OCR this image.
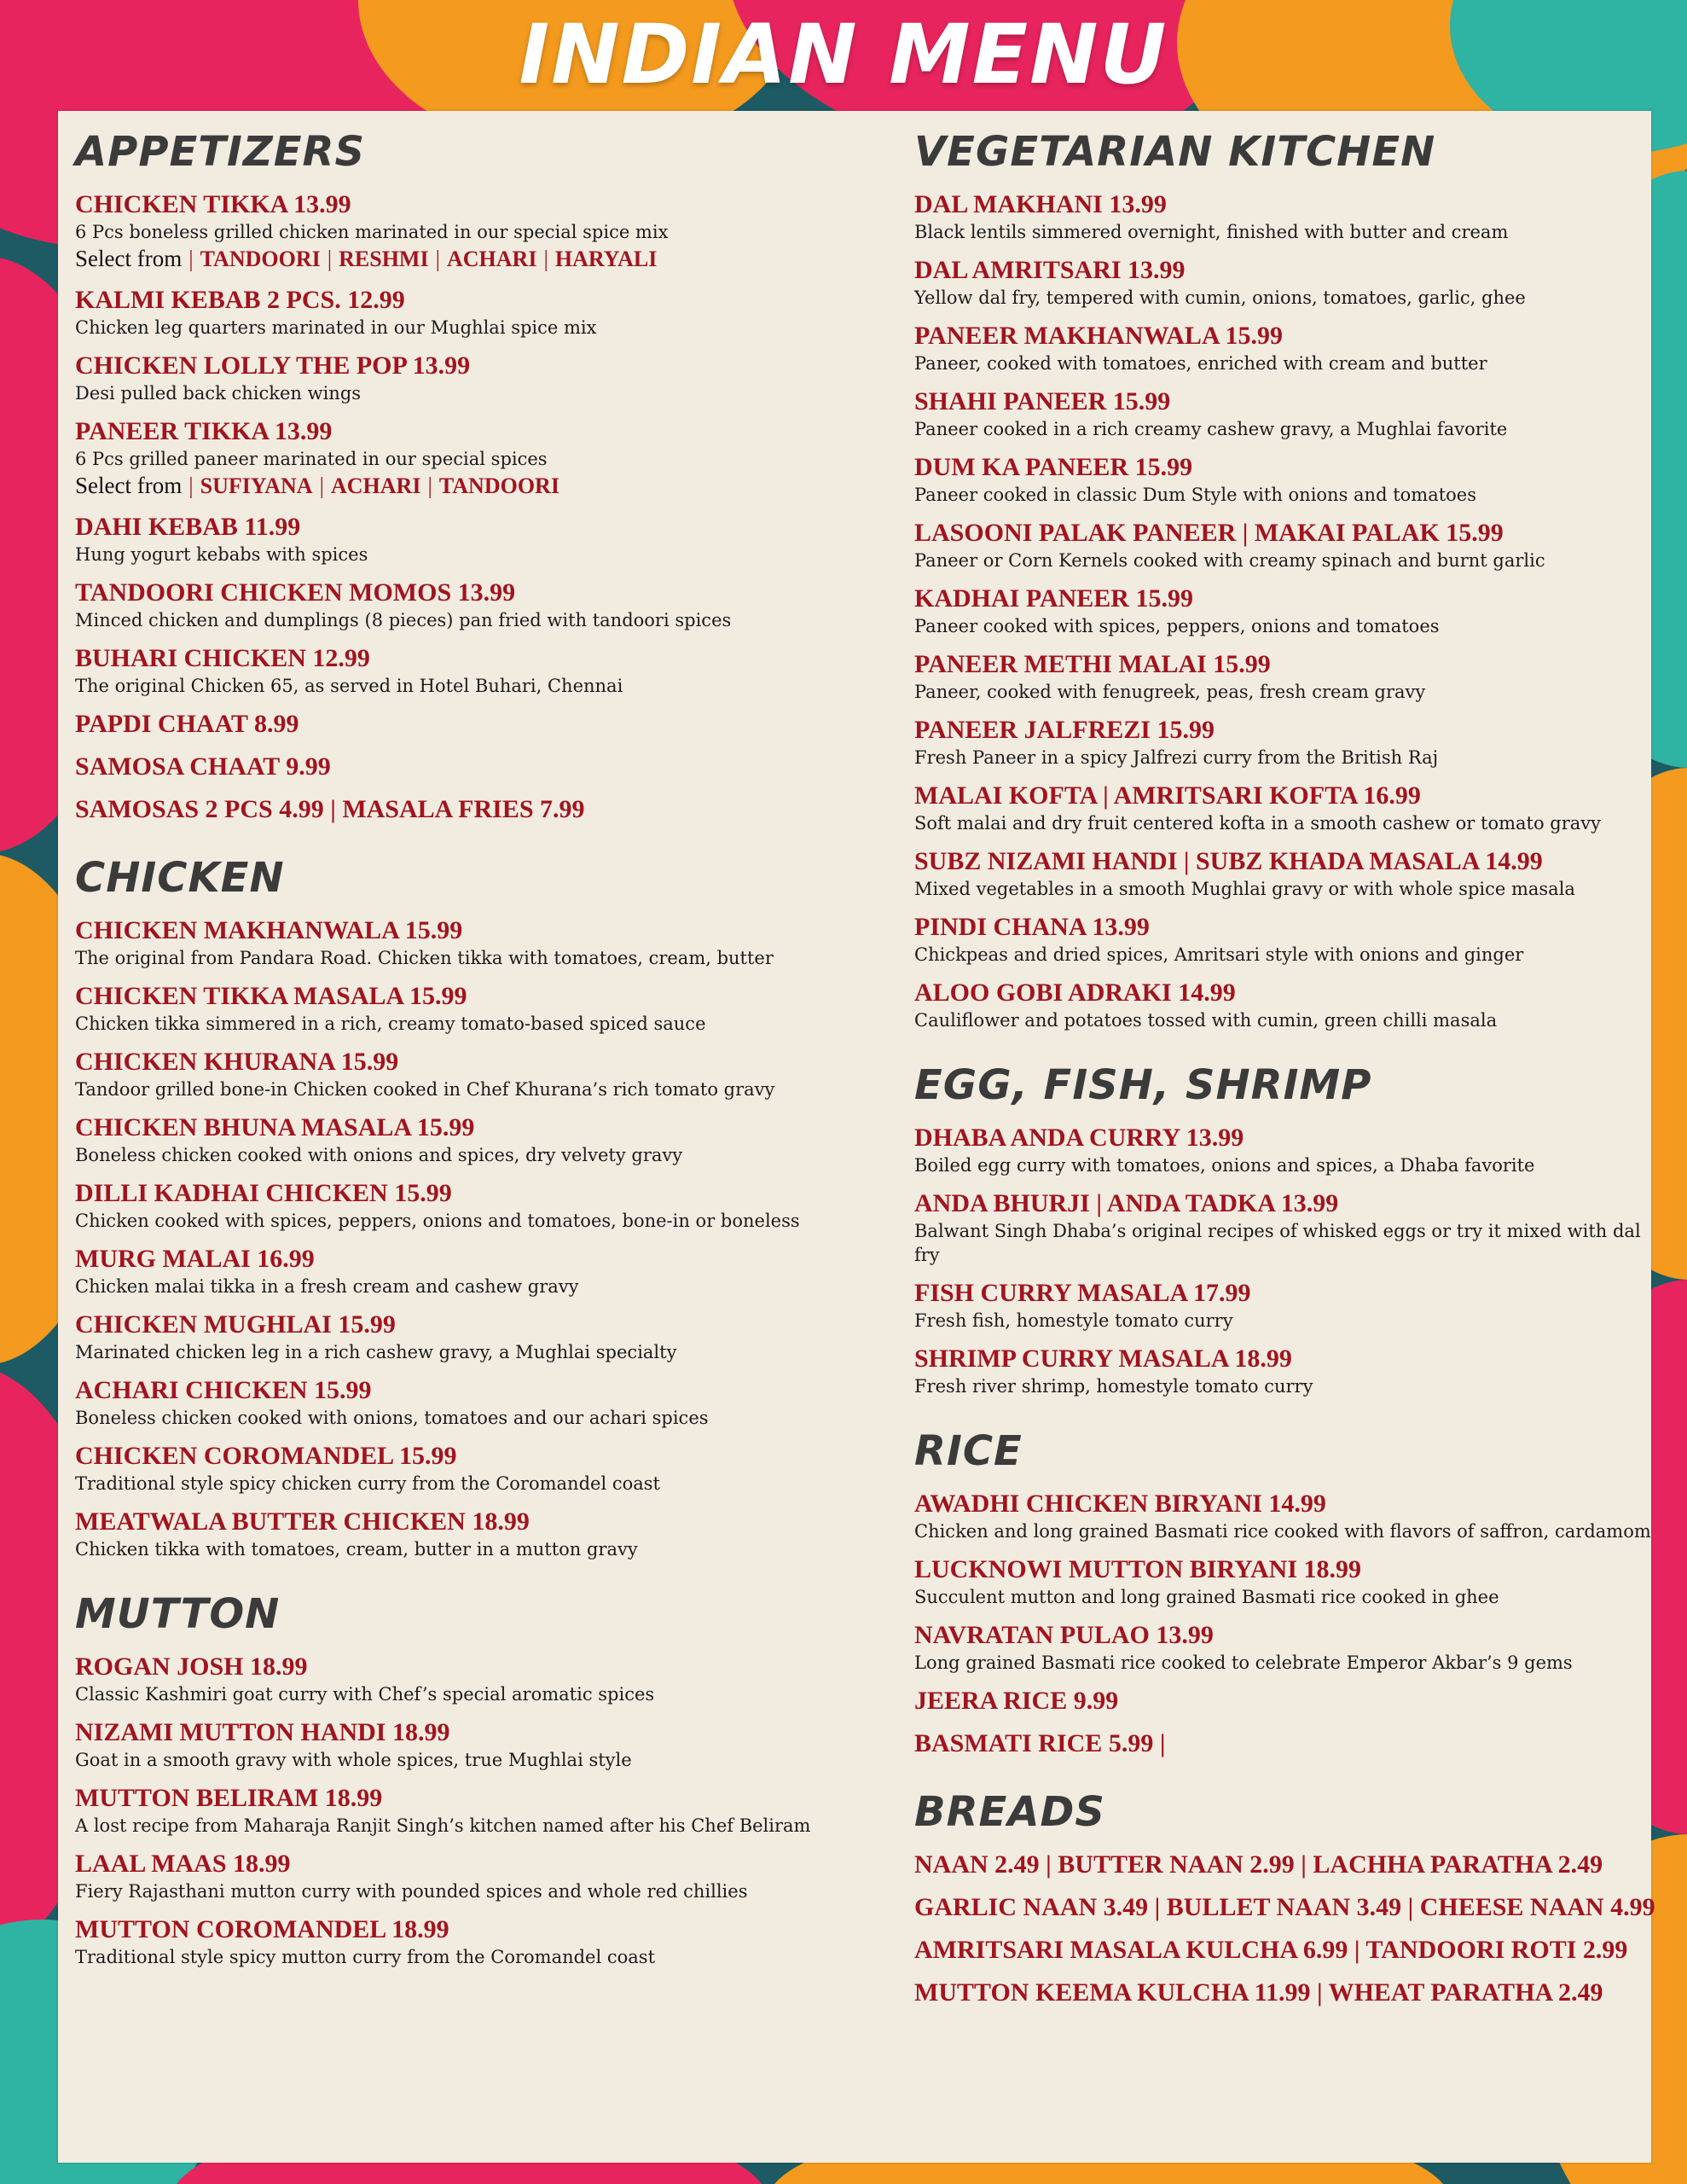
INDIAN MENU
APPETIZERS
CHICKEN TIKKA 13.99
6 Pcs boneless grilled chicken marinated in our special spice mix
Select from | TANDOORI | RESHMI | ACHARI | HARYALI
KALMI KEBAB 2 PCS. 12.99
Chicken leg quarters marinated in our Mughlai spice mix
CHICKEN LOLLY THE POP 13.99
Desi pulled back chicken wings
PANEER TIKKA 13.99
6 Pcs grilled paneer marinated in our special spices
Select from | SUFIYANA | ACHARI | TANDOORI
DAHI KEBAB 11.99
Hung yogurt kebabs with spices
TANDOORI CHICKEN MOMOS 13.99
Minced chicken and dumplings (8 pieces) pan fried with tandoori spices
BUHARI CHICKEN 12.99
The original Chicken 65, as served in Hotel Buhari, Chennai
PAPDI CHAAT 8.99
SAMOSA CHAAT 9.99
SAMOSAS 2 PCS 4.99 | MASALA FRIES 7.99
CHICKEN
CHICKEN MAKHANWALA 15.99
The original from Pandara Road. Chicken tikka with tomatoes, cream, butter
CHICKEN TIKKA MASALA 15.99
Chicken tikka simmered in a rich, creamy tomato-based spiced sauce
CHICKEN KHURANA 15.99
Tandoor grilled bone-in Chicken cooked in Chef Khurana’s rich tomato gravy
CHICKEN BHUNA MASALA 15.99
Boneless chicken cooked with onions and spices, dry velvety gravy
DILLI KADHAI CHICKEN 15.99
Chicken cooked with spices, peppers, onions and tomatoes, bone-in or boneless
MURG MALAI 16.99
Chicken malai tikka in a fresh cream and cashew gravy
CHICKEN MUGHLAI 15.99
Marinated chicken leg in a rich cashew gravy, a Mughlai specialty
ACHARI CHICKEN 15.99
Boneless chicken cooked with onions, tomatoes and our achari spices
CHICKEN COROMANDEL 15.99
Traditional style spicy chicken curry from the Coromandel coast
MEATWALA BUTTER CHICKEN 18.99
Chicken tikka with tomatoes, cream, butter in a mutton gravy
MUTTON
ROGAN JOSH 18.99
Classic Kashmiri goat curry with Chef’s special aromatic spices
NIZAMI MUTTON HANDI 18.99
Goat in a smooth gravy with whole spices, true Mughlai style
MUTTON BELIRAM 18.99
A lost recipe from Maharaja Ranjit Singh’s kitchen named after his Chef Beliram
LAAL MAAS 18.99
Fiery Rajasthani mutton curry with pounded spices and whole red chillies
MUTTON COROMANDEL 18.99
Traditional style spicy mutton curry from the Coromandel coast
VEGETARIAN KITCHEN
DAL MAKHANI 13.99
Black lentils simmered overnight, finished with butter and cream
DAL AMRITSARI 13.99
Yellow dal fry, tempered with cumin, onions, tomatoes, garlic, ghee
PANEER MAKHANWALA 15.99
Paneer, cooked with tomatoes, enriched with cream and butter
SHAHI PANEER 15.99
Paneer cooked in a rich creamy cashew gravy, a Mughlai favorite
DUM KA PANEER 15.99
Paneer cooked in classic Dum Style with onions and tomatoes
LASOONI PALAK PANEER | MAKAI PALAK 15.99
Paneer or Corn Kernels cooked with creamy spinach and burnt garlic
KADHAI PANEER 15.99
Paneer cooked with spices, peppers, onions and tomatoes
PANEER METHI MALAI 15.99
Paneer, cooked with fenugreek, peas, fresh cream gravy
PANEER JALFREZI 15.99
Fresh Paneer in a spicy Jalfrezi curry from the British Raj
MALAI KOFTA | AMRITSARI KOFTA 16.99
Soft malai and dry fruit centered kofta in a smooth cashew or tomato gravy
SUBZ NIZAMI HANDI | SUBZ KHADA MASALA 14.99
Mixed vegetables in a smooth Mughlai gravy or with whole spice masala
PINDI CHANA 13.99
Chickpeas and dried spices, Amritsari style with onions and ginger
ALOO GOBI ADRAKI 14.99
Cauliflower and potatoes tossed with cumin, green chilli masala
EGG, FISH, SHRIMP
DHABA ANDA CURRY 13.99
Boiled egg curry with tomatoes, onions and spices, a Dhaba favorite
ANDA BHURJI | ANDA TADKA 13.99
Balwant Singh Dhaba’s original recipes of whisked eggs or try it mixed with dal fry
FISH CURRY MASALA 17.99
Fresh fish, homestyle tomato curry
SHRIMP CURRY MASALA 18.99
Fresh river shrimp, homestyle tomato curry
RICE
AWADHI CHICKEN BIRYANI 14.99
Chicken and long grained Basmati rice cooked with flavors of saffron, cardamom
LUCKNOWI MUTTON BIRYANI 18.99
Succulent mutton and long grained Basmati rice cooked in ghee
NAVRATAN PULAO 13.99
Long grained Basmati rice cooked to celebrate Emperor Akbar’s 9 gems
JEERA RICE 9.99
BASMATI RICE 5.99 |
BREADS
NAAN 2.49 | BUTTER NAAN 2.99 | LACHHA PARATHA 2.49
GARLIC NAAN 3.49 | BULLET NAAN 3.49 | CHEESE NAAN 4.99
AMRITSARI MASALA KULCHA 6.99 | TANDOORI ROTI 2.99
MUTTON KEEMA KULCHA 11.99 | WHEAT PARATHA 2.49
